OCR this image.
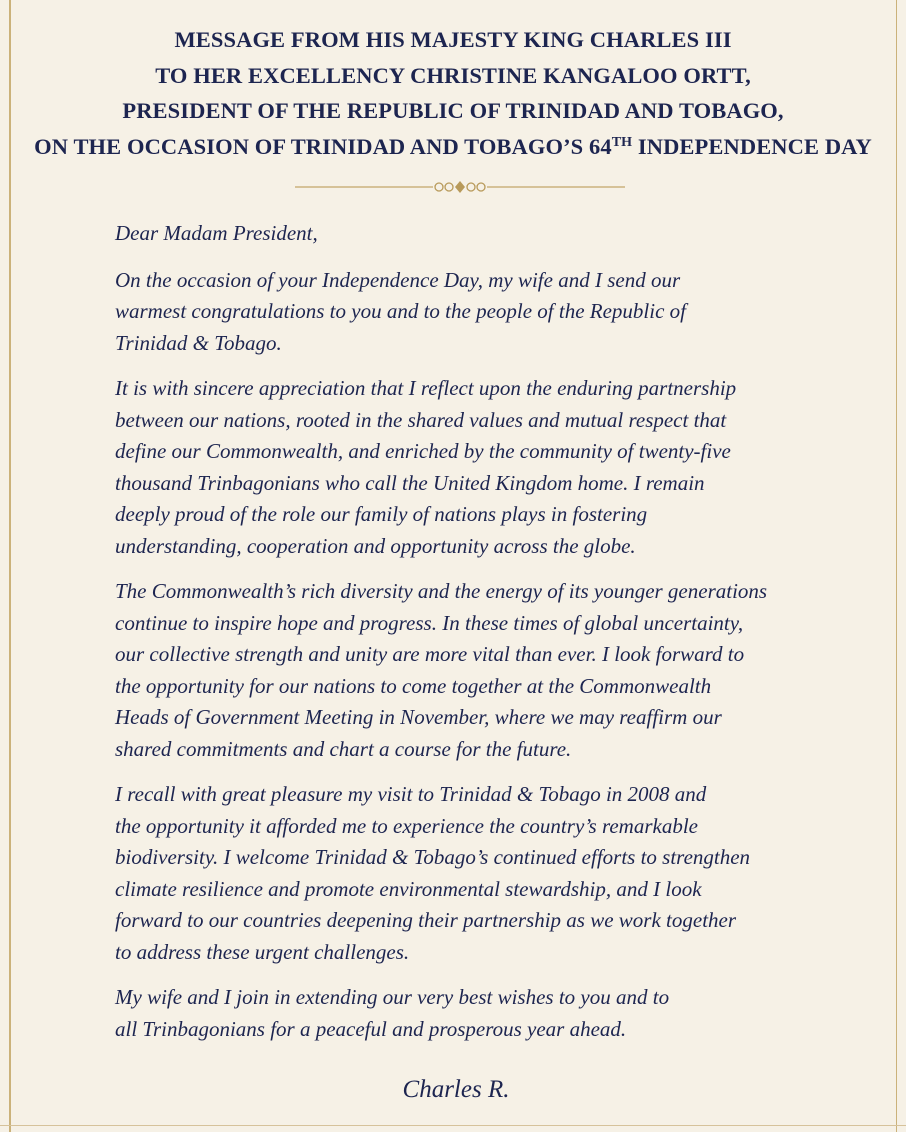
MESSAGE FROM HIS MAJESTY KING CHARLES III
TO HER EXCELLENCY CHRISTINE KANGALOO ORTT,
PRESIDENT OF THE REPUBLIC OF TRINIDAD AND TOBAGO,
ON THE OCCASION OF TRINIDAD AND TOBAGO’S 64TH INDEPENDENCE DAY

Dear Madam President,

On the occasion of your Independence Day, my wife and I send our
warmest congratulations to you and to the people of the Republic of
Trinidad & Tobago.

It is with sincere appreciation that I reflect upon the enduring partnership
between our nations, rooted in the shared values and mutual respect that
define our Commonwealth, and enriched by the community of twenty-five
thousand Trinbagonians who call the United Kingdom home. I remain
deeply proud of the role our family of nations plays in fostering
understanding, cooperation and opportunity across the globe.

The Commonwealth’s rich diversity and the energy of its younger generations
continue to inspire hope and progress. In these times of global uncertainty,
our collective strength and unity are more vital than ever. I look forward to
the opportunity for our nations to come together at the Commonwealth
Heads of Government Meeting in November, where we may reaffirm our
shared commitments and chart a course for the future.

I recall with great pleasure my visit to Trinidad & Tobago in 2008 and
the opportunity it afforded me to experience the country’s remarkable
biodiversity. I welcome Trinidad & Tobago’s continued efforts to strengthen
climate resilience and promote environmental stewardship, and I look
forward to our countries deepening their partnership as we work together
to address these urgent challenges.

My wife and I join in extending our very best wishes to you and to
all Trinbagonians for a peaceful and prosperous year ahead.

Charles R.
